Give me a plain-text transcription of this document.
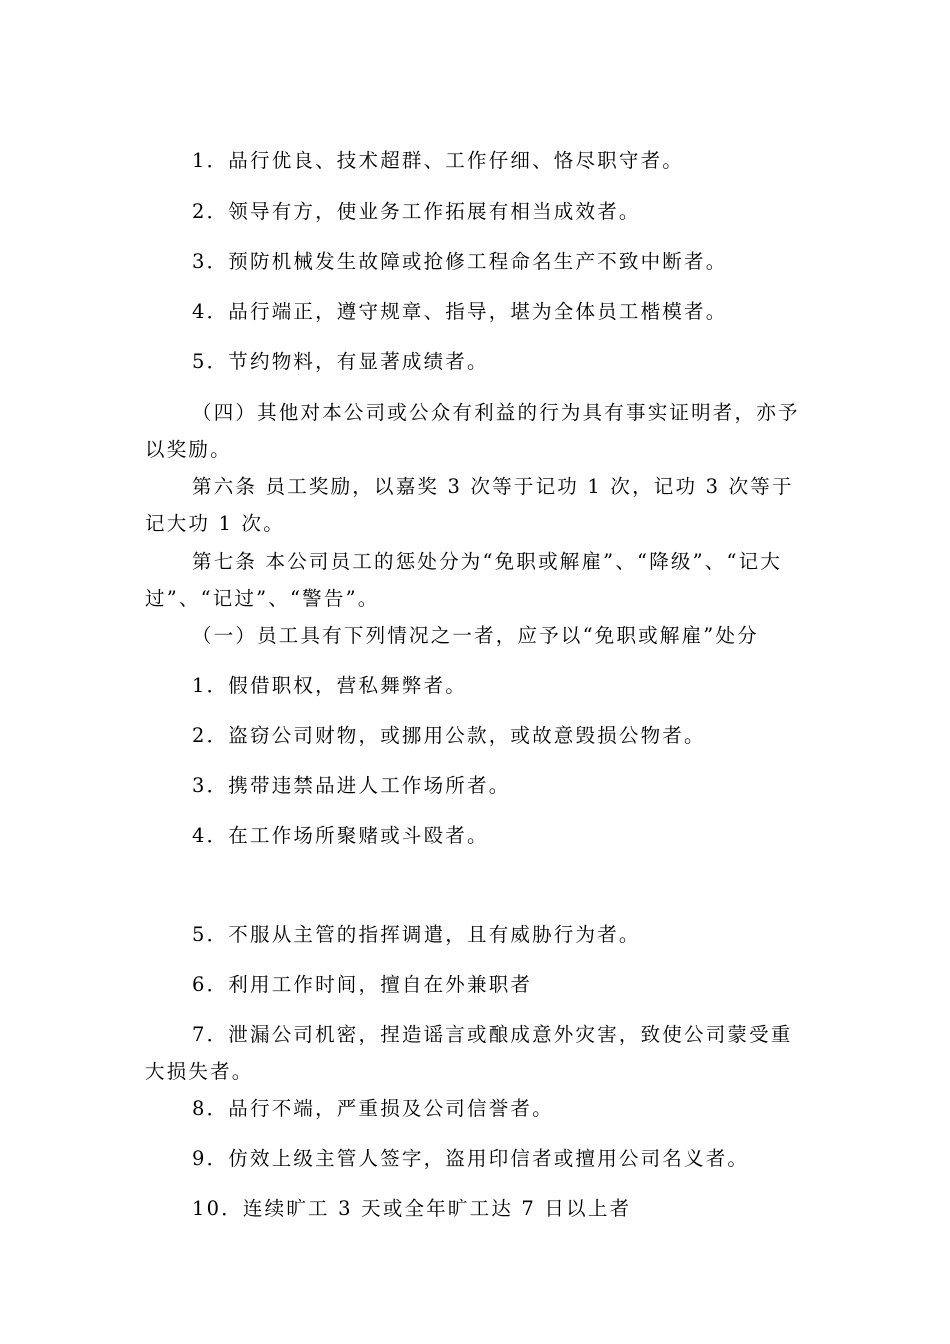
1．品行优良、技术超群、工作仔细、恪尽职守者。

2．领导有方，使业务工作拓展有相当成效者。

3．预防机械发生故障或抢修工程命名生产不致中断者。

4．品行端正，遵守规章、指导，堪为全体员工楷模者。

5．节约物料，有显著成绩者。

（四）其他对本公司或公众有利益的行为具有事实证明者，亦予以奖励。

第六条 员工奖励，以嘉奖 3 次等于记功 1 次，记功 3 次等于记大功 1 次。

第七条 本公司员工的惩处分为“免职或解雇”、“降级”、“记大过”、“记过”、“警告”。

（一）员工具有下列情况之一者，应予以“免职或解雇”处分

1．假借职权，营私舞弊者。

2．盗窃公司财物，或挪用公款，或故意毁损公物者。

3．携带违禁品进人工作场所者。

4．在工作场所聚赌或斗殴者。

5．不服从主管的指挥调遣，且有威胁行为者。

6．利用工作时间，擅自在外兼职者

7．泄漏公司机密，捏造谣言或酿成意外灾害，致使公司蒙受重大损失者。

8．品行不端，严重损及公司信誉者。

9．仿效上级主管人签字，盗用印信者或擅用公司名义者。

10．连续旷工 3 天或全年旷工达 7 日以上者
